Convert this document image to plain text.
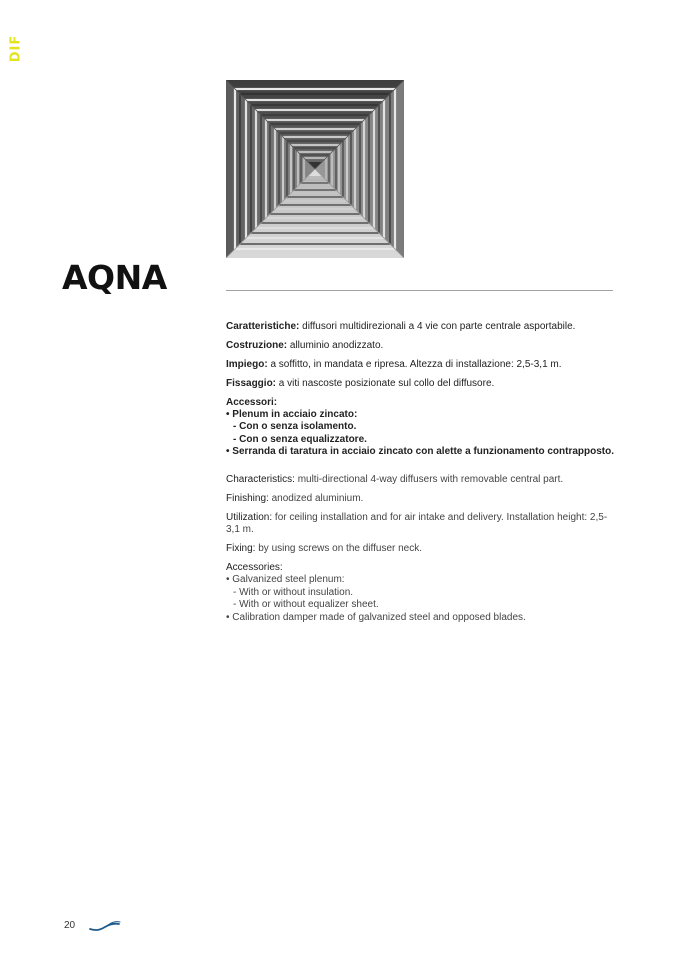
DIF
AQNA

Caratteristiche: diffusori multidirezionali a 4 vie con parte centrale asportabile.

Costruzione: alluminio anodizzato.

Impiego: a soffitto, in mandata e ripresa. Altezza di installazione: 2,5-3,1 m.

Fissaggio: a viti nascoste posizionate sul collo del diffusore.

Accessori:
• Plenum in acciaio zincato:
- Con o senza isolamento.
- Con o senza equalizzatore.
• Serranda di taratura in acciaio zincato con alette a funzionamento contrapposto.

Characteristics: multi-directional 4-way diffusers with removable central part.

Finishing: anodized aluminium.

Utilization: for ceiling installation and for air intake and delivery. Installation height: 2,5-3,1 m.

Fixing: by using screws on the diffuser neck.

Accessories:
• Galvanized steel plenum:
- With or without insulation.
- With or without equalizer sheet.
• Calibration damper made of galvanized steel and opposed blades.
20
